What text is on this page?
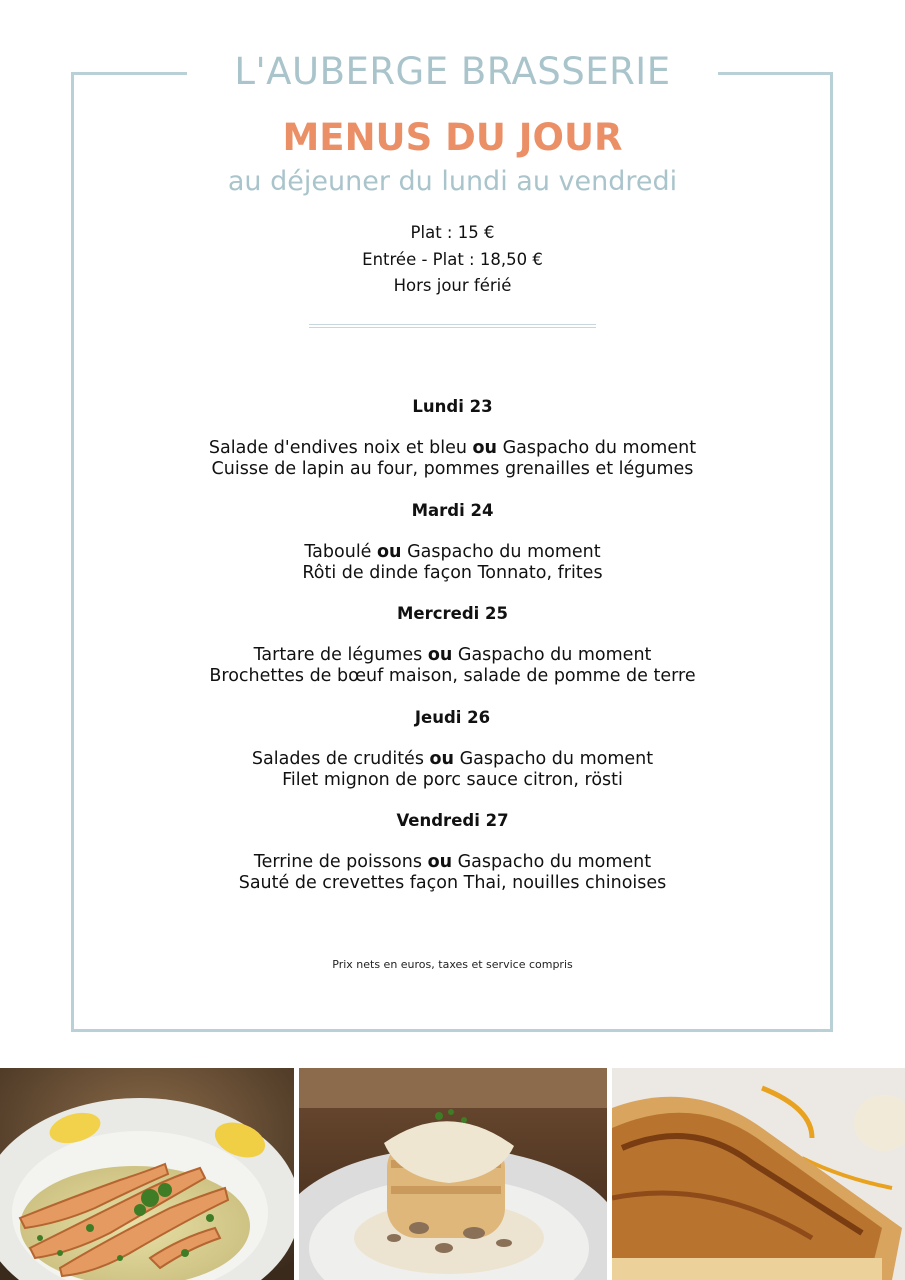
L'AUBERGE BRASSERIE
MENUS DU JOUR
au déjeuner du lundi au vendredi
Plat : 15 €
Entrée - Plat : 18,50 €
Hors jour férié
Lundi 23
Salade d'endives noix et bleu ou Gaspacho du moment
Cuisse de lapin au four, pommes grenailles et légumes
Mardi 24
Taboulé ou Gaspacho du moment
Rôti de dinde façon Tonnato, frites
Mercredi 25
Tartare de légumes ou Gaspacho du moment
Brochettes de bœuf maison, salade de pomme de terre
Jeudi 26
Salades de crudités ou Gaspacho du moment
Filet mignon de porc sauce citron, rösti
Vendredi 27
Terrine de poissons ou Gaspacho du moment
Sauté de crevettes façon Thai, nouilles chinoises
Prix nets en euros, taxes et service compris
